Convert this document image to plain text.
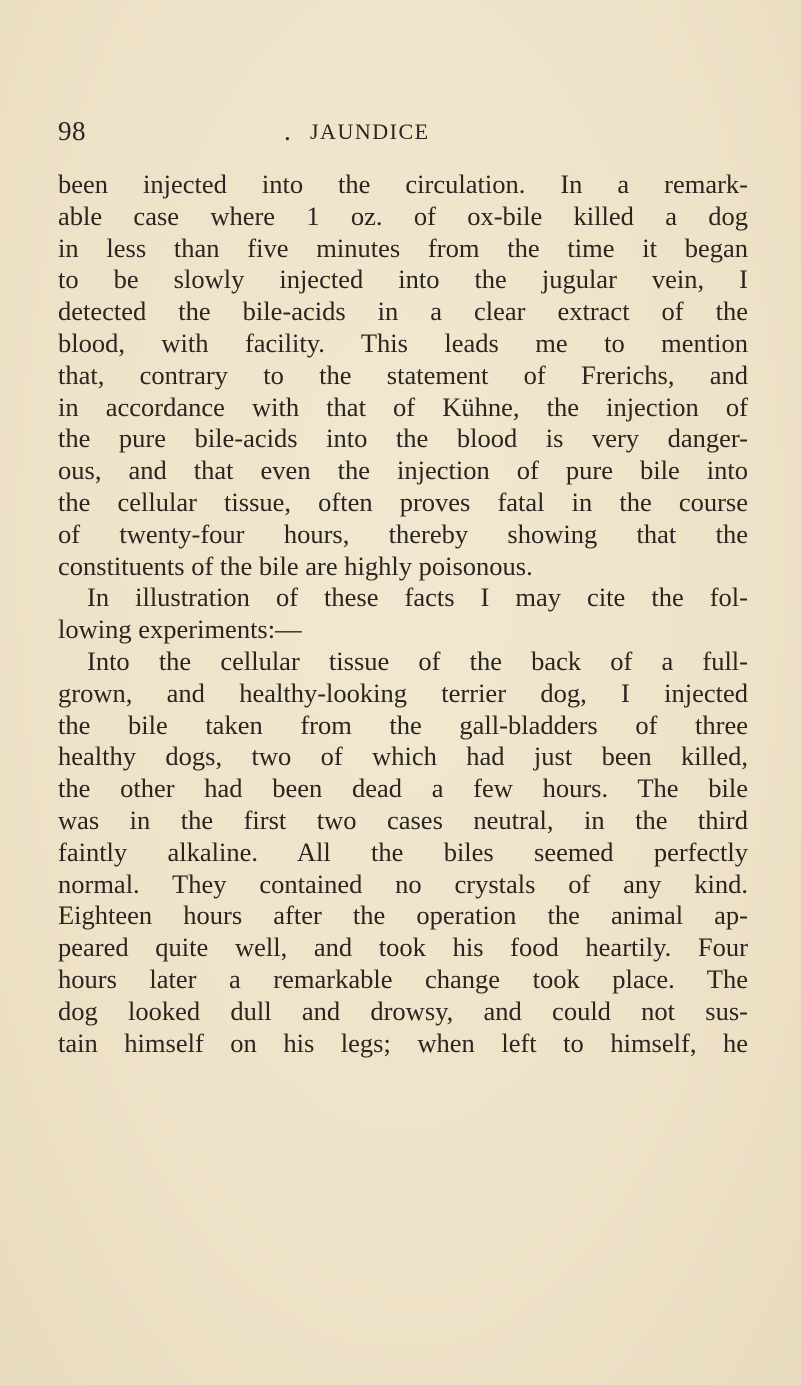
98	. JAUNDICE
been injected into the circulation. In a remark-
able case where 1 oz. of ox-bile killed a dog
in less than five minutes from the time it began
to be slowly injected into the jugular vein, I
detected the bile-acids in a clear extract of the
blood, with facility. This leads me to mention
that, contrary to the statement of Frerichs, and
in accordance with that of Kühne, the injection of
the pure bile-acids into the blood is very danger-
ous, and that even the injection of pure bile into
the cellular tissue, often proves fatal in the course
of twenty-four hours, thereby showing that the
constituents of the bile are highly poisonous.
In illustration of these facts I may cite the fol-
lowing experiments:—
Into the cellular tissue of the back of a full-
grown, and healthy-looking terrier dog, I injected
the bile taken from the gall-bladders of three
healthy dogs, two of which had just been killed,
the other had been dead a few hours. The bile
was in the first two cases neutral, in the third
faintly alkaline. All the biles seemed perfectly
normal. They contained no crystals of any kind.
Eighteen hours after the operation the animal ap-
peared quite well, and took his food heartily. Four
hours later a remarkable change took place. The
dog looked dull and drowsy, and could not sus-
tain himself on his legs; when left to himself, he
